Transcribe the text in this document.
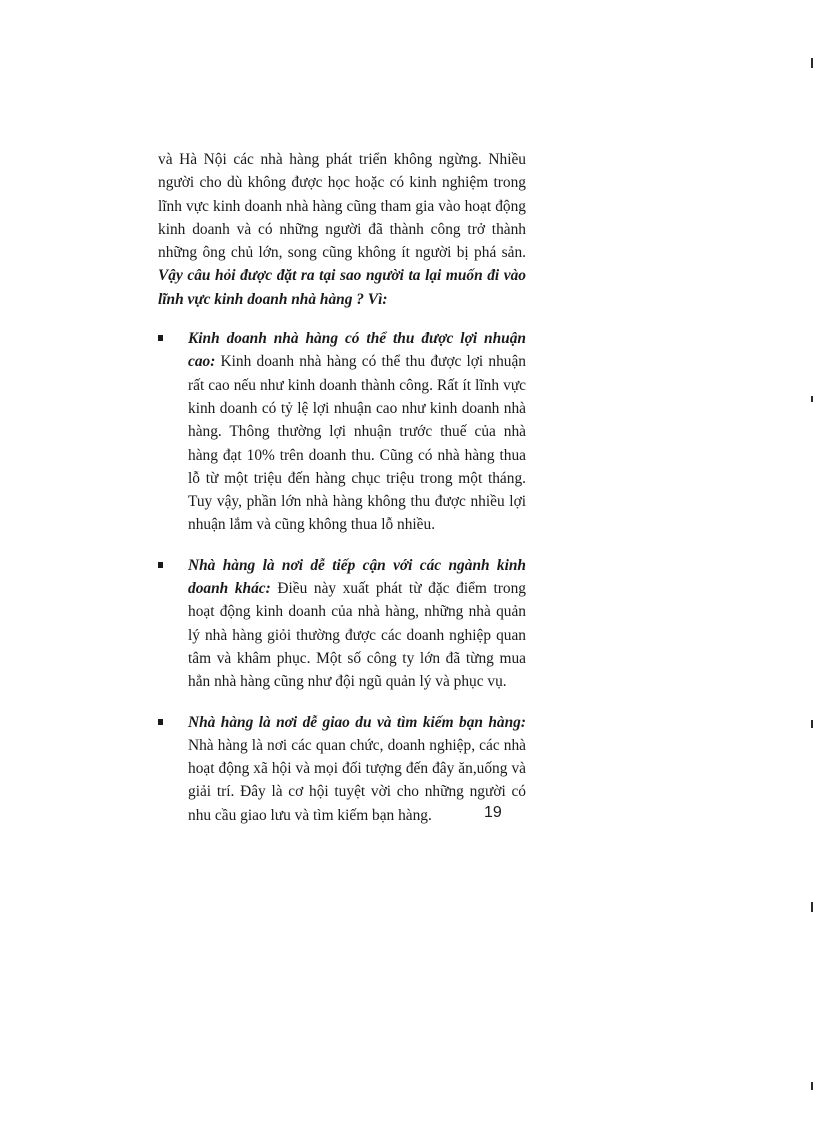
và Hà Nội các nhà hàng phát triển không ngừng. Nhiều người cho dù không được học hoặc có kinh nghiệm trong lĩnh vực kinh doanh nhà hàng cũng tham gia vào hoạt động kinh doanh và có những người đã thành công trở thành những ông chủ lớn, song cũng không ít người bị phá sản. Vậy câu hỏi được đặt ra tại sao người ta lại muốn đi vào lĩnh vực kinh doanh nhà hàng ? Vì:

Kinh doanh nhà hàng có thể thu được lợi nhuận cao: Kinh doanh nhà hàng có thể thu được lợi nhuận rất cao nếu như kinh doanh thành công. Rất ít lĩnh vực kinh doanh có tỷ lệ lợi nhuận cao như kinh doanh nhà hàng. Thông thường lợi nhuận trước thuế của nhà hàng đạt 10% trên doanh thu. Cũng có nhà hàng thua lỗ từ một triệu đến hàng chục triệu trong một tháng. Tuy vậy, phần lớn nhà hàng không thu được nhiều lợi nhuận lắm và cũng không thua lỗ nhiều.
Nhà hàng là nơi dễ tiếp cận với các ngành kinh doanh khác: Điều này xuất phát từ đặc điểm trong hoạt động kinh doanh của nhà hàng, những nhà quản lý nhà hàng giỏi thường được các doanh nghiệp quan tâm và khâm phục. Một số công ty lớn đã từng mua hẳn nhà hàng cũng như đội ngũ quản lý và phục vụ.
Nhà hàng là nơi dễ giao du và tìm kiếm bạn hàng: Nhà hàng là nơi các quan chức, doanh nghiệp, các nhà hoạt động xã hội và mọi đối tượng đến đây ăn,uống và giải trí. Đây là cơ hội tuyệt vời cho những người có nhu cầu giao lưu và tìm kiếm bạn hàng.	19
